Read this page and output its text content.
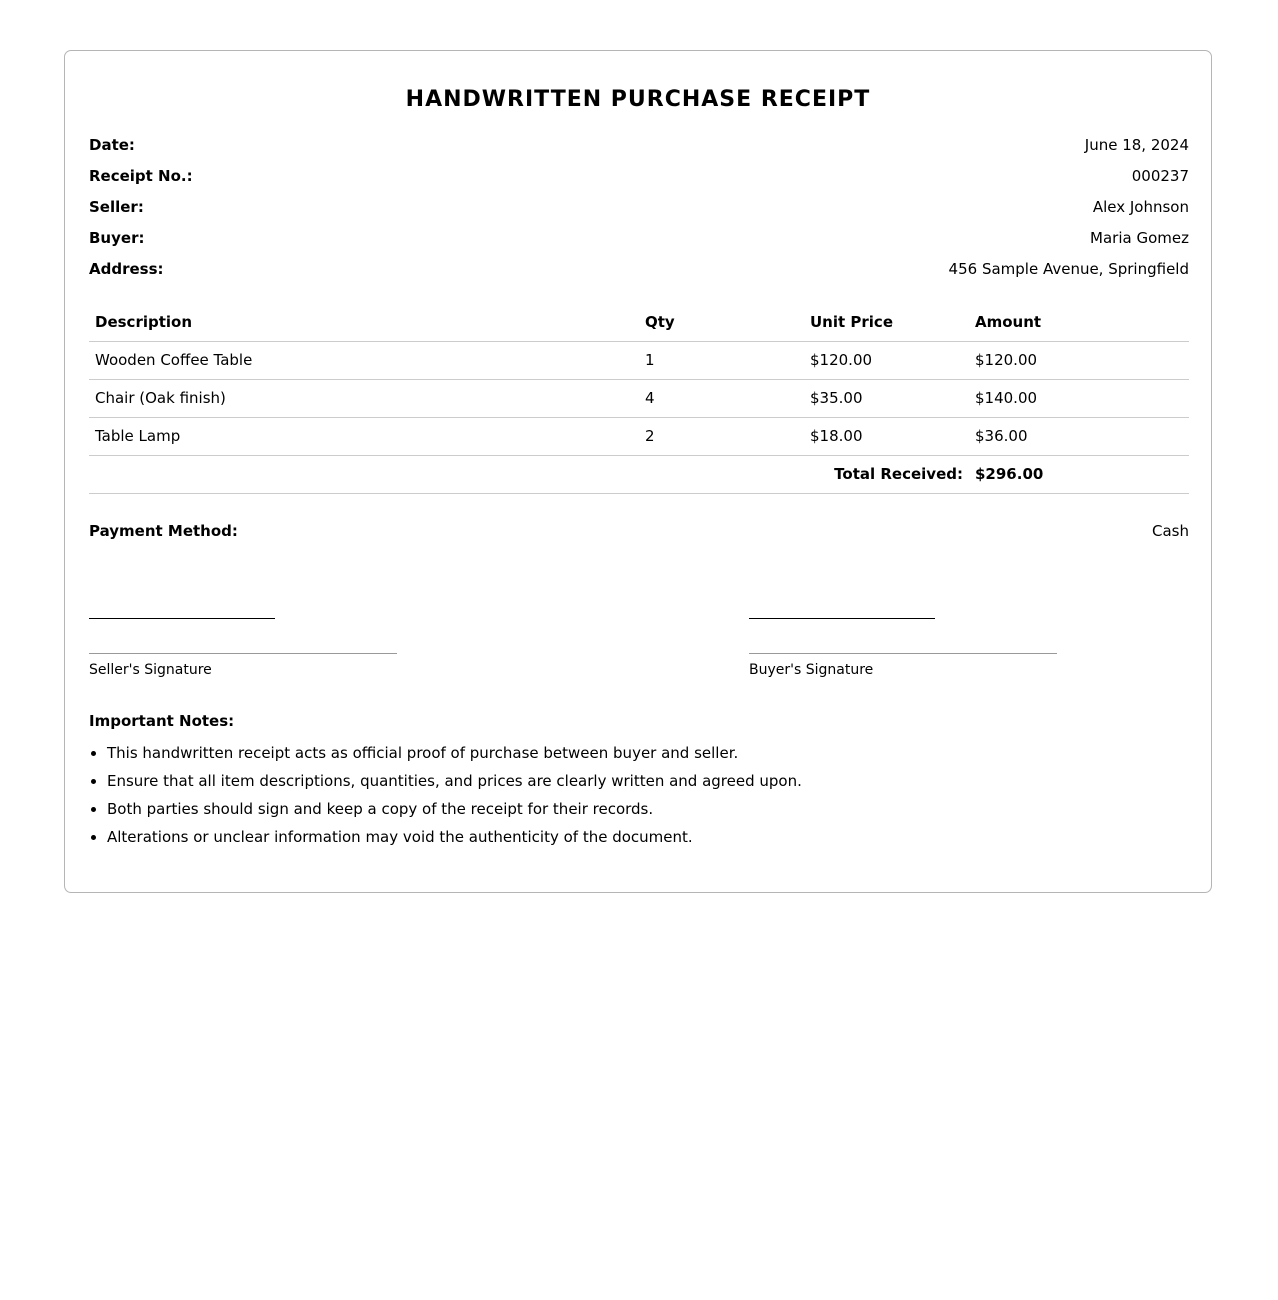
HANDWRITTEN PURCHASE RECEIPT
Date:	June 18, 2024
Receipt No.:	000237
Seller:	Alex Johnson
Buyer:	Maria Gomez
Address:	456 Sample Avenue, Springfield
Description	Qty	Unit Price	Amount
Wooden Coffee Table	1	$120.00	$120.00
Chair (Oak finish)	4	$35.00	$140.00
Table Lamp	2	$18.00	$36.00
Total Received:			$296.00
Payment Method:	Cash
Seller's Signature	Buyer's Signature
Important Notes:
• This handwritten receipt acts as official proof of purchase between buyer and seller.
• Ensure that all item descriptions, quantities, and prices are clearly written and agreed upon.
• Both parties should sign and keep a copy of the receipt for their records.
• Alterations or unclear information may void the authenticity of the document.
